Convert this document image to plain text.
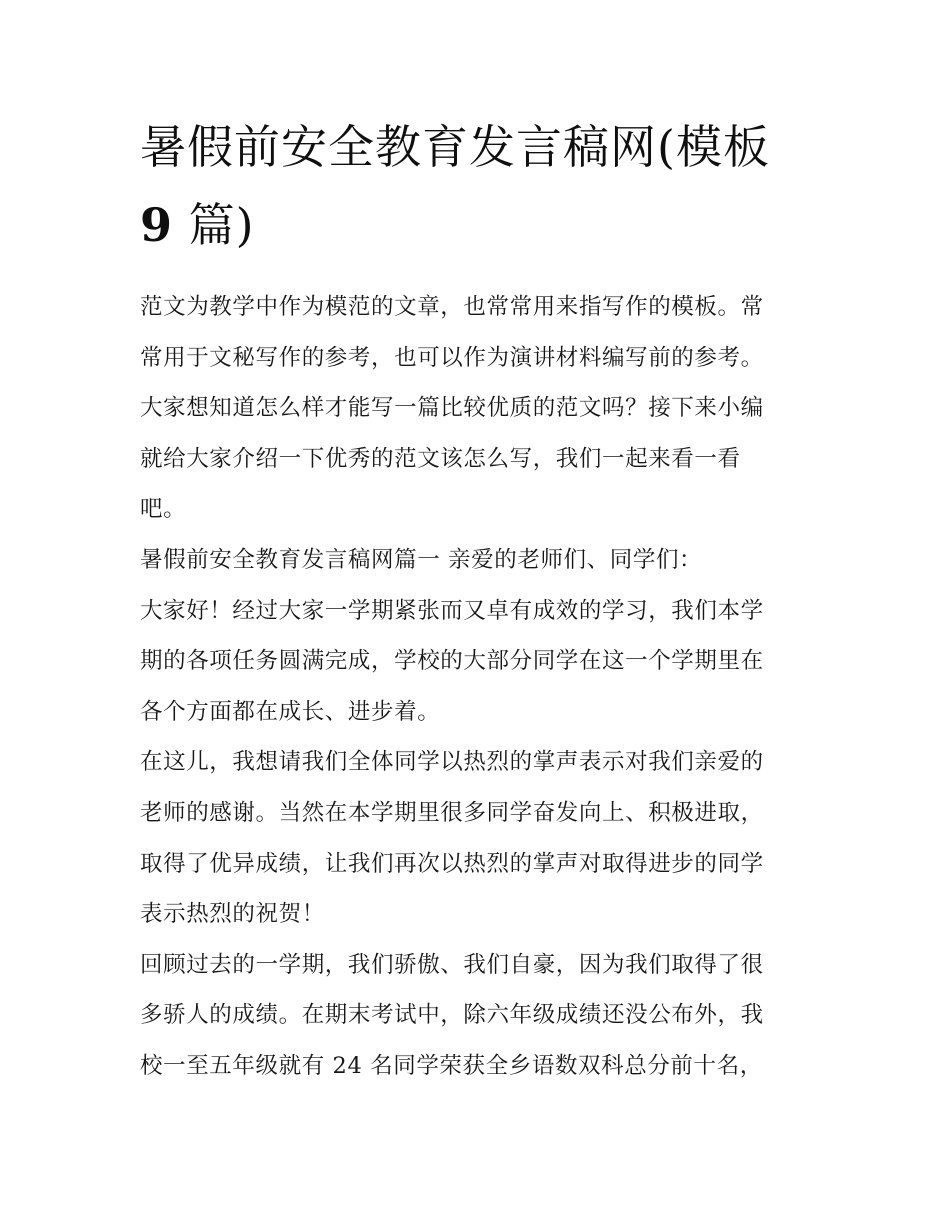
暑假前安全教育发言稿网(模板
9 篇)
范文为教学中作为模范的文章，也常常用来指写作的模板。常
常用于文秘写作的参考，也可以作为演讲材料编写前的参考。
大家想知道怎么样才能写一篇比较优质的范文吗？接下来小编
就给大家介绍一下优秀的范文该怎么写，我们一起来看一看
吧。
暑假前安全教育发言稿网篇一 亲爱的老师们、同学们：
大家好！经过大家一学期紧张而又卓有成效的学习，我们本学
期的各项任务圆满完成，学校的大部分同学在这一个学期里在
各个方面都在成长、进步着。
在这儿，我想请我们全体同学以热烈的掌声表示对我们亲爱的
老师的感谢。当然在本学期里很多同学奋发向上、积极进取，
取得了优异成绩，让我们再次以热烈的掌声对取得进步的同学
表示热烈的祝贺！
回顾过去的一学期，我们骄傲、我们自豪，因为我们取得了很
多骄人的成绩。在期末考试中，除六年级成绩还没公布外，我
校一至五年级就有 24 名同学荣获全乡语数双科总分前十名，
